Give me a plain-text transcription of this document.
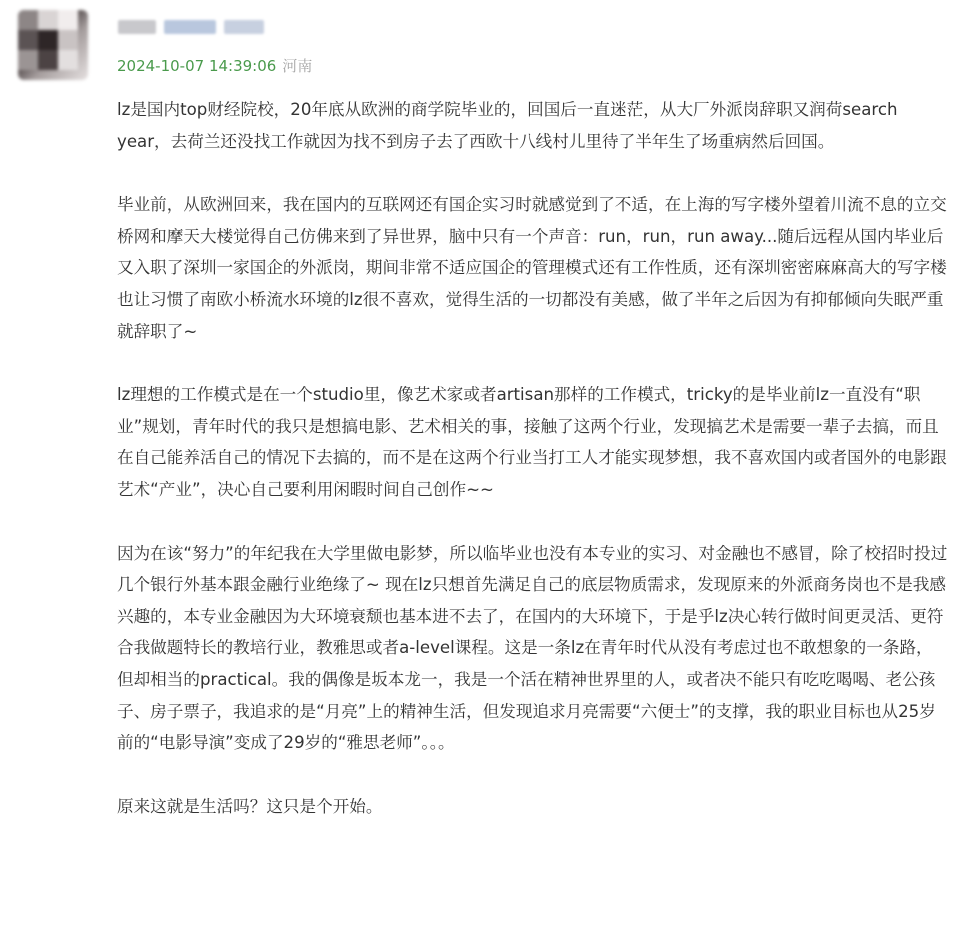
2024-10-07 14:39:06 河南

lz是国内top财经院校，20年底从欧洲的商学院毕业的，回国后一直迷茫，从大厂外派岗辞职又润荷search year，去荷兰还没找工作就因为找不到房子去了西欧十八线村儿里待了半年生了场重病然后回国。

毕业前，从欧洲回来，我在国内的互联网还有国企实习时就感觉到了不适，在上海的写字楼外望着川流不息的立交桥网和摩天大楼觉得自己仿佛来到了异世界，脑中只有一个声音：run，run，run away...随后远程从国内毕业后又入职了深圳一家国企的外派岗，期间非常不适应国企的管理模式还有工作性质，还有深圳密密麻麻高大的写字楼也让习惯了南欧小桥流水环境的lz很不喜欢，觉得生活的一切都没有美感，做了半年之后因为有抑郁倾向失眠严重就辞职了~

lz理想的工作模式是在一个studio里，像艺术家或者artisan那样的工作模式，tricky的是毕业前lz一直没有“职业”规划，青年时代的我只是想搞电影、艺术相关的事，接触了这两个行业，发现搞艺术是需要一辈子去搞，而且在自己能养活自己的情况下去搞的，而不是在这两个行业当打工人才能实现梦想，我不喜欢国内或者国外的电影跟艺术“产业”，决心自己要利用闲暇时间自己创作~~

因为在该“努力”的年纪我在大学里做电影梦，所以临毕业也没有本专业的实习、对金融也不感冒，除了校招时投过几个银行外基本跟金融行业绝缘了~ 现在lz只想首先满足自己的底层物质需求，发现原来的外派商务岗也不是我感兴趣的，本专业金融因为大环境衰颓也基本进不去了，在国内的大环境下，于是乎lz决心转行做时间更灵活、更符合我做题特长的教培行业，教雅思或者a-level课程。这是一条lz在青年时代从没有考虑过也不敢想象的一条路，但却相当的practical。我的偶像是坂本龙一，我是一个活在精神世界里的人，或者决不能只有吃吃喝喝、老公孩子、房子票子，我追求的是“月亮”上的精神生活，但发现追求月亮需要“六便士”的支撑，我的职业目标也从25岁前的“电影导演”变成了29岁的“雅思老师”。。。

原来这就是生活吗？这只是个开始。
